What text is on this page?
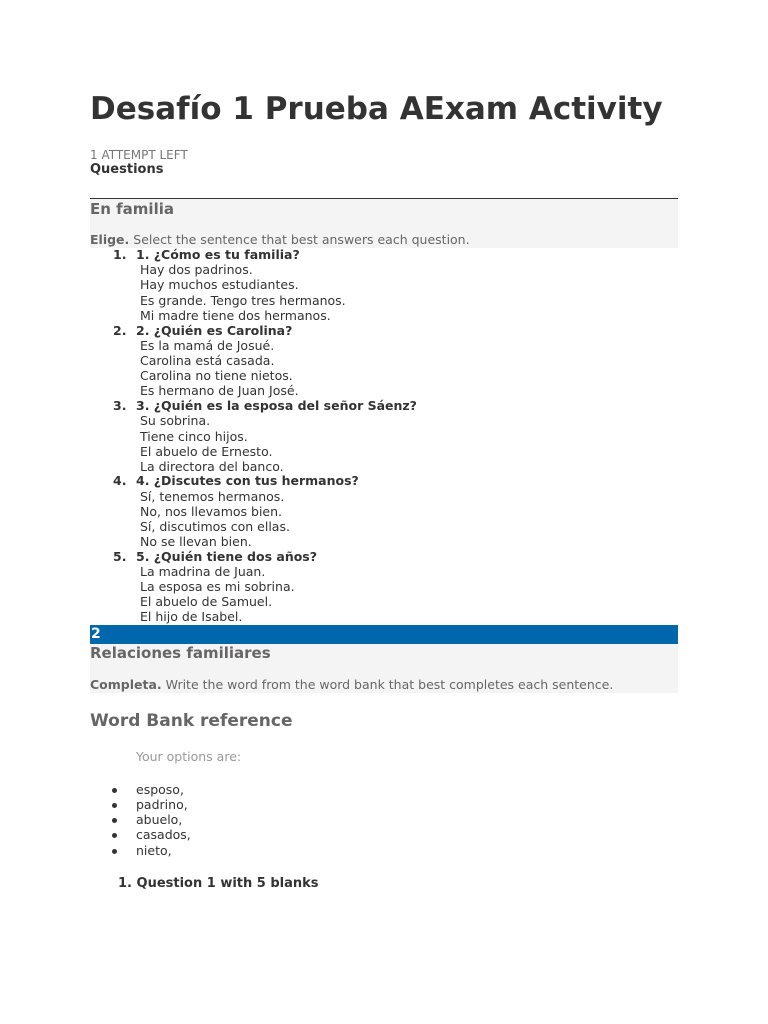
Desafío 1 Prueba AExam Activity
1 ATTEMPT LEFT
Questions
En familia
Elige. Select the sentence that best answers each question.
1. 1. ¿Cómo es tu familia?
Hay dos padrinos.
Hay muchos estudiantes.
Es grande. Tengo tres hermanos.
Mi madre tiene dos hermanos.
2. 2. ¿Quién es Carolina?
Es la mamá de Josué.
Carolina está casada.
Carolina no tiene nietos.
Es hermano de Juan José.
3. 3. ¿Quién es la esposa del señor Sáenz?
Su sobrina.
Tiene cinco hijos.
El abuelo de Ernesto.
La directora del banco.
4. 4. ¿Discutes con tus hermanos?
Sí, tenemos hermanos.
No, nos llevamos bien.
Sí, discutimos con ellas.
No se llevan bien.
5. 5. ¿Quién tiene dos años?
La madrina de Juan.
La esposa es mi sobrina.
El abuelo de Samuel.
El hijo de Isabel.
2
Relaciones familiares
Completa. Write the word from the word bank that best completes each sentence.
Word Bank reference
Your options are:
esposo,
padrino,
abuelo,
casados,
nieto,
1. Question 1 with 5 blanks
